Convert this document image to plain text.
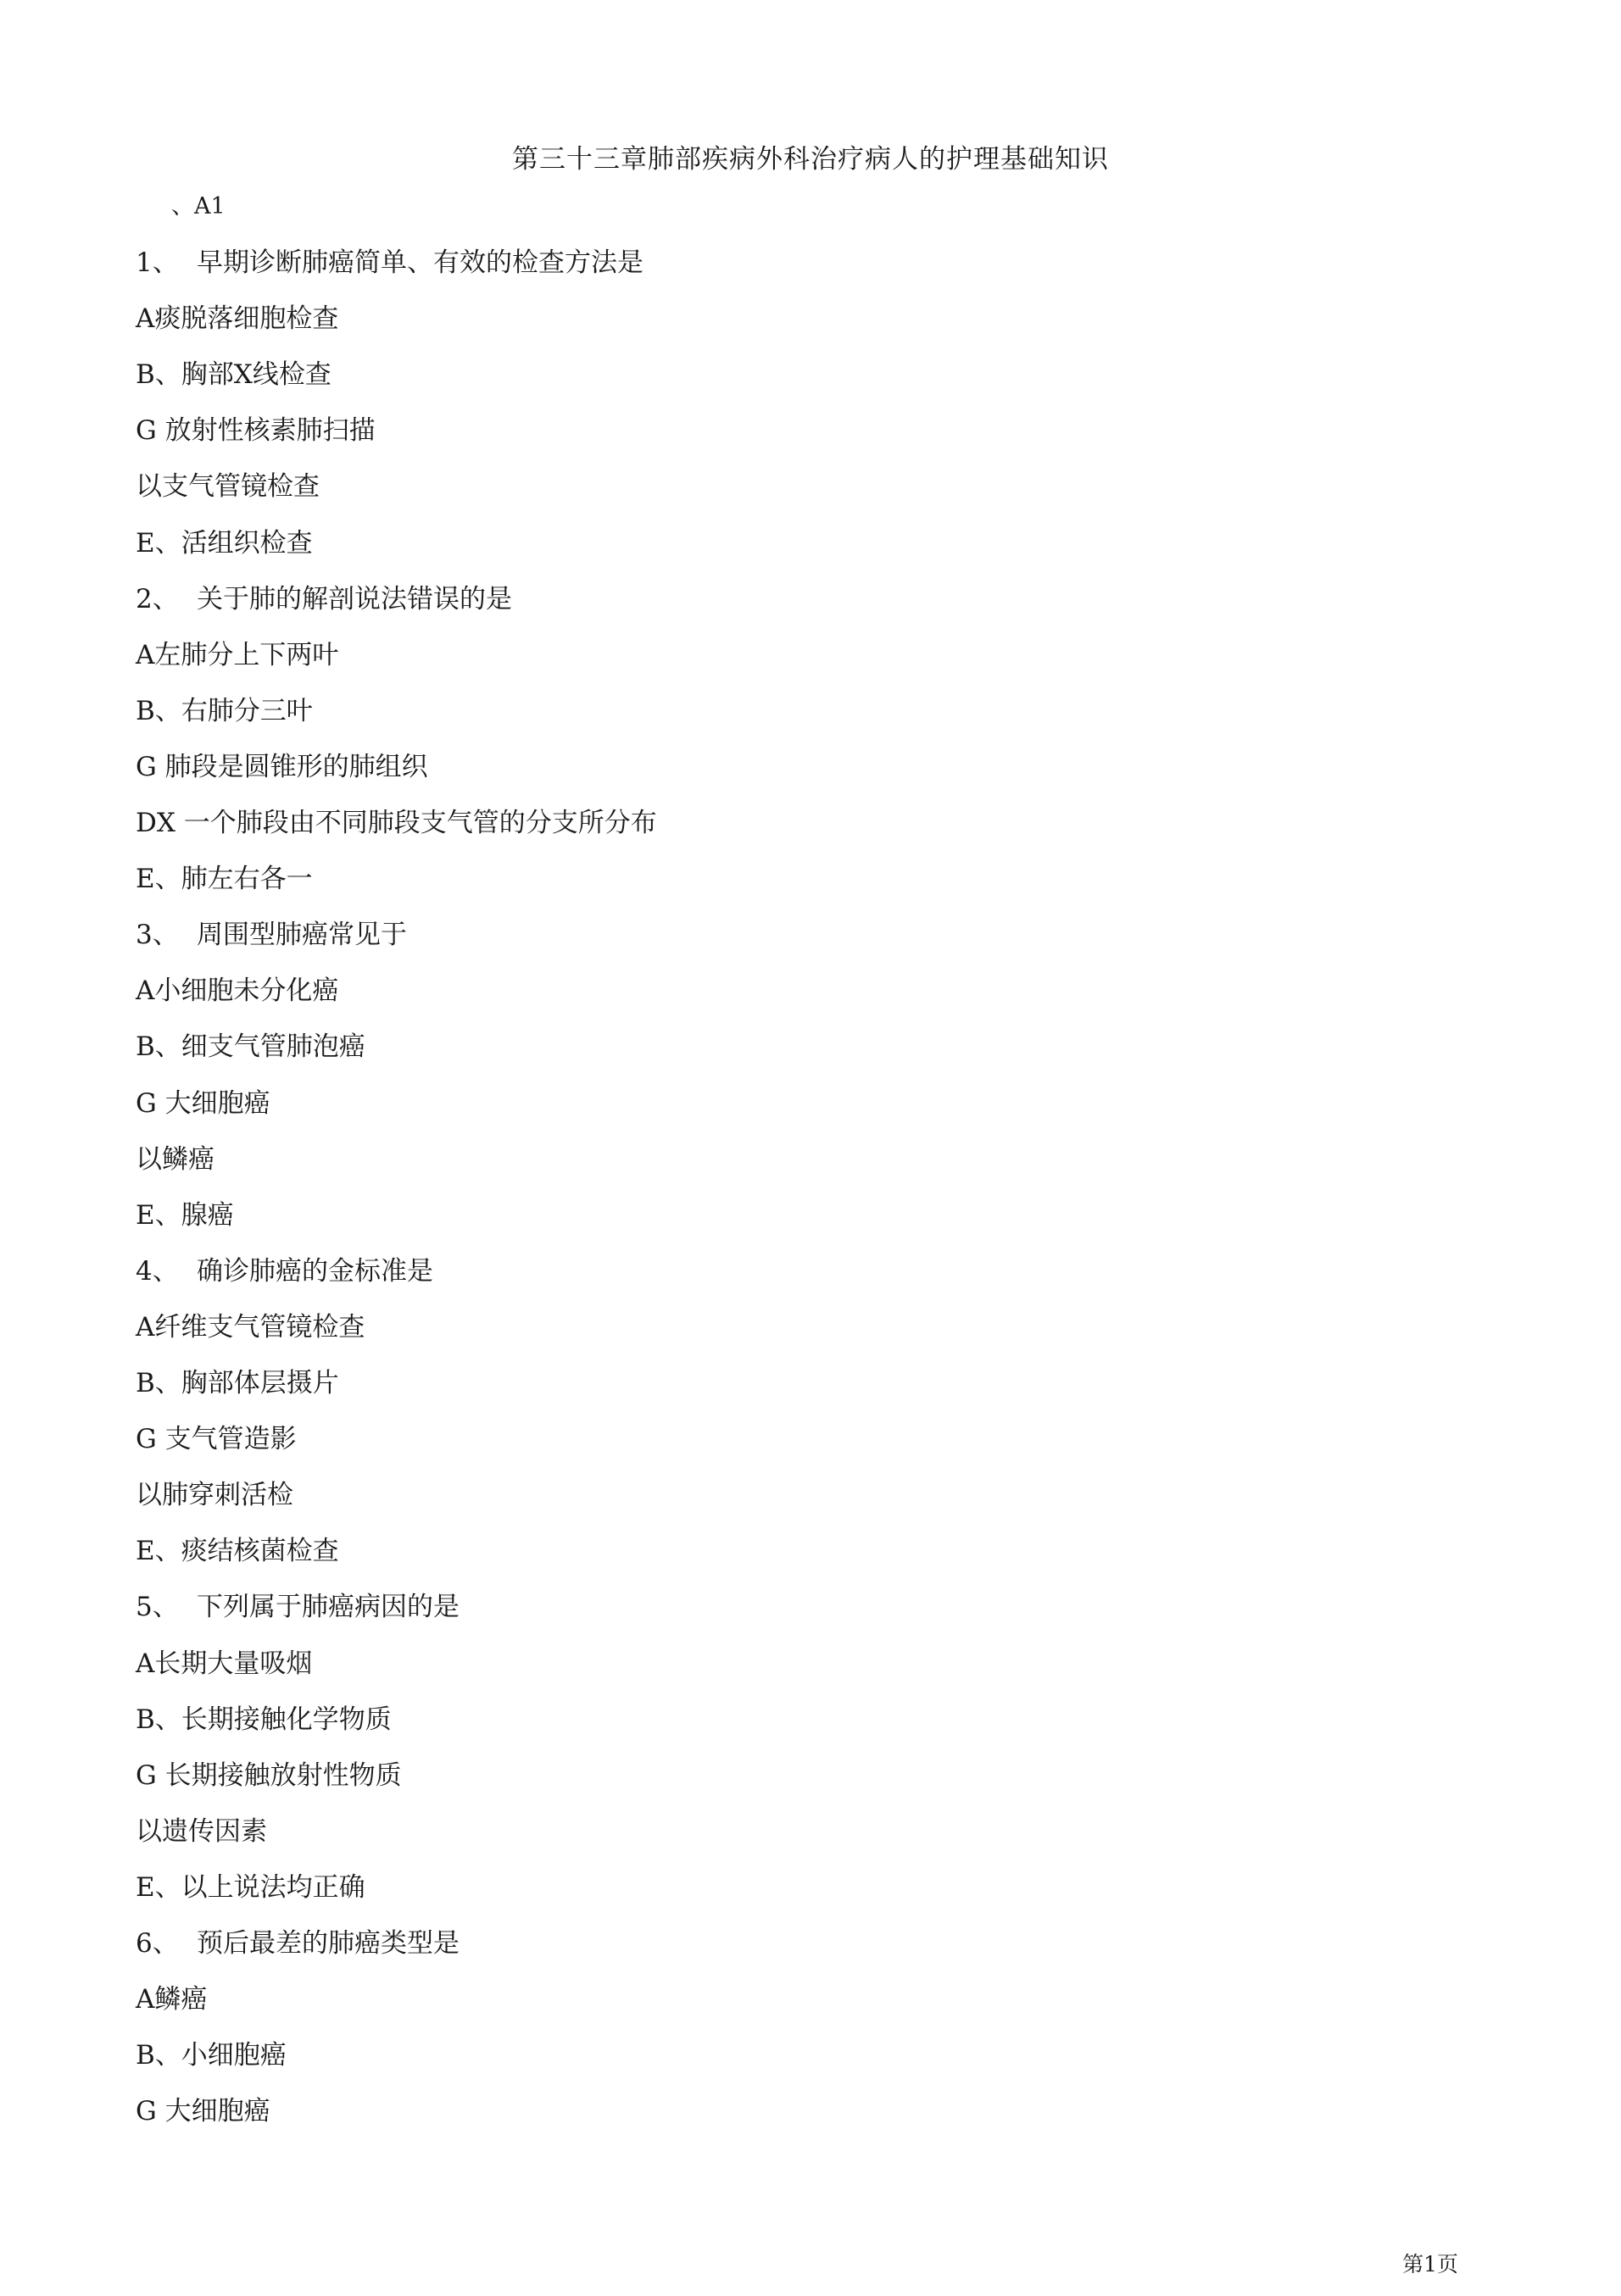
第三十三章肺部疾病外科治疗病人的护理基础知识
、A1
1、 早期诊断肺癌简单、有效的检查方法是
A痰脱落细胞检查
B、胸部X线检查
G 放射性核素肺扫描
以支气管镜检查
E、活组织检查
2、 关于肺的解剖说法错误的是
A左肺分上下两叶
B、右肺分三叶
G 肺段是圆锥形的肺组织
DX 一个肺段由不同肺段支气管的分支所分布
E、肺左右各一
3、 周围型肺癌常见于
A小细胞未分化癌
B、细支气管肺泡癌
G 大细胞癌
以鳞癌
E、腺癌
4、 确诊肺癌的金标准是
A纤维支气管镜检查
B、胸部体层摄片
G 支气管造影
以肺穿刺活检
E、痰结核菌检查
5、 下列属于肺癌病因的是
A长期大量吸烟
B、长期接触化学物质
G 长期接触放射性物质
以遗传因素
E、以上说法均正确
6、 预后最差的肺癌类型是
A鳞癌
B、小细胞癌
G 大细胞癌
第1页
